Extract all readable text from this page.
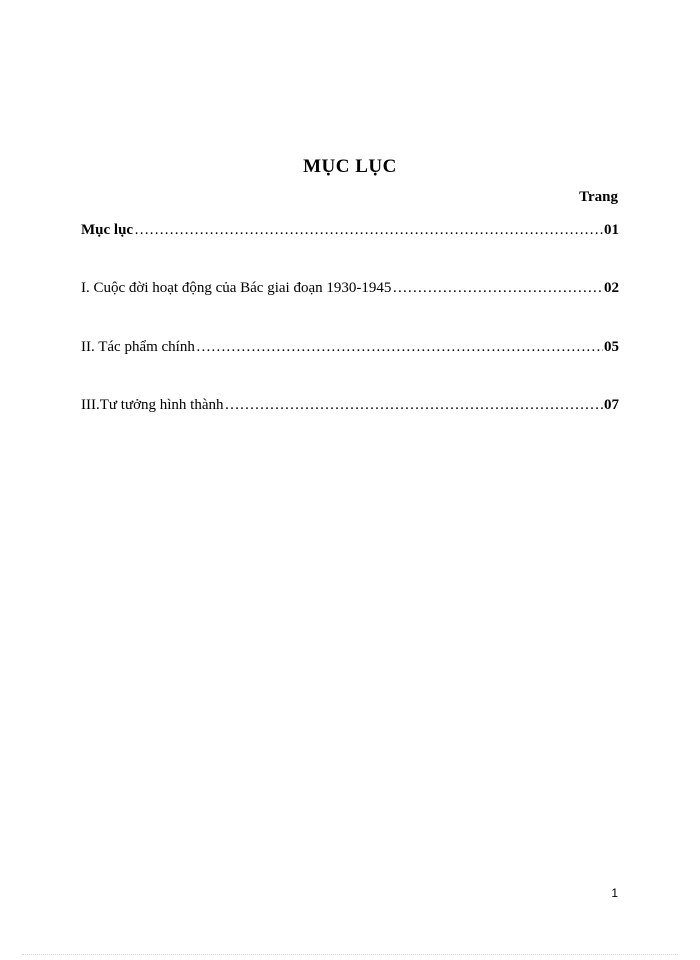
MỤC LỤC
Trang
Mục lục …………………………………………………………………………………………………………………………………………………	01
I. Cuộc đời hoạt động của Bác giai đoạn 1930-1945 …………………………………………………………………………………………………………………………………………………	02
II. Tác phẩm chính …………………………………………………………………………………………………………………………………………………	05
III.Tư tưởng hình thành …………………………………………………………………………………………………………………………………………………	07
1
